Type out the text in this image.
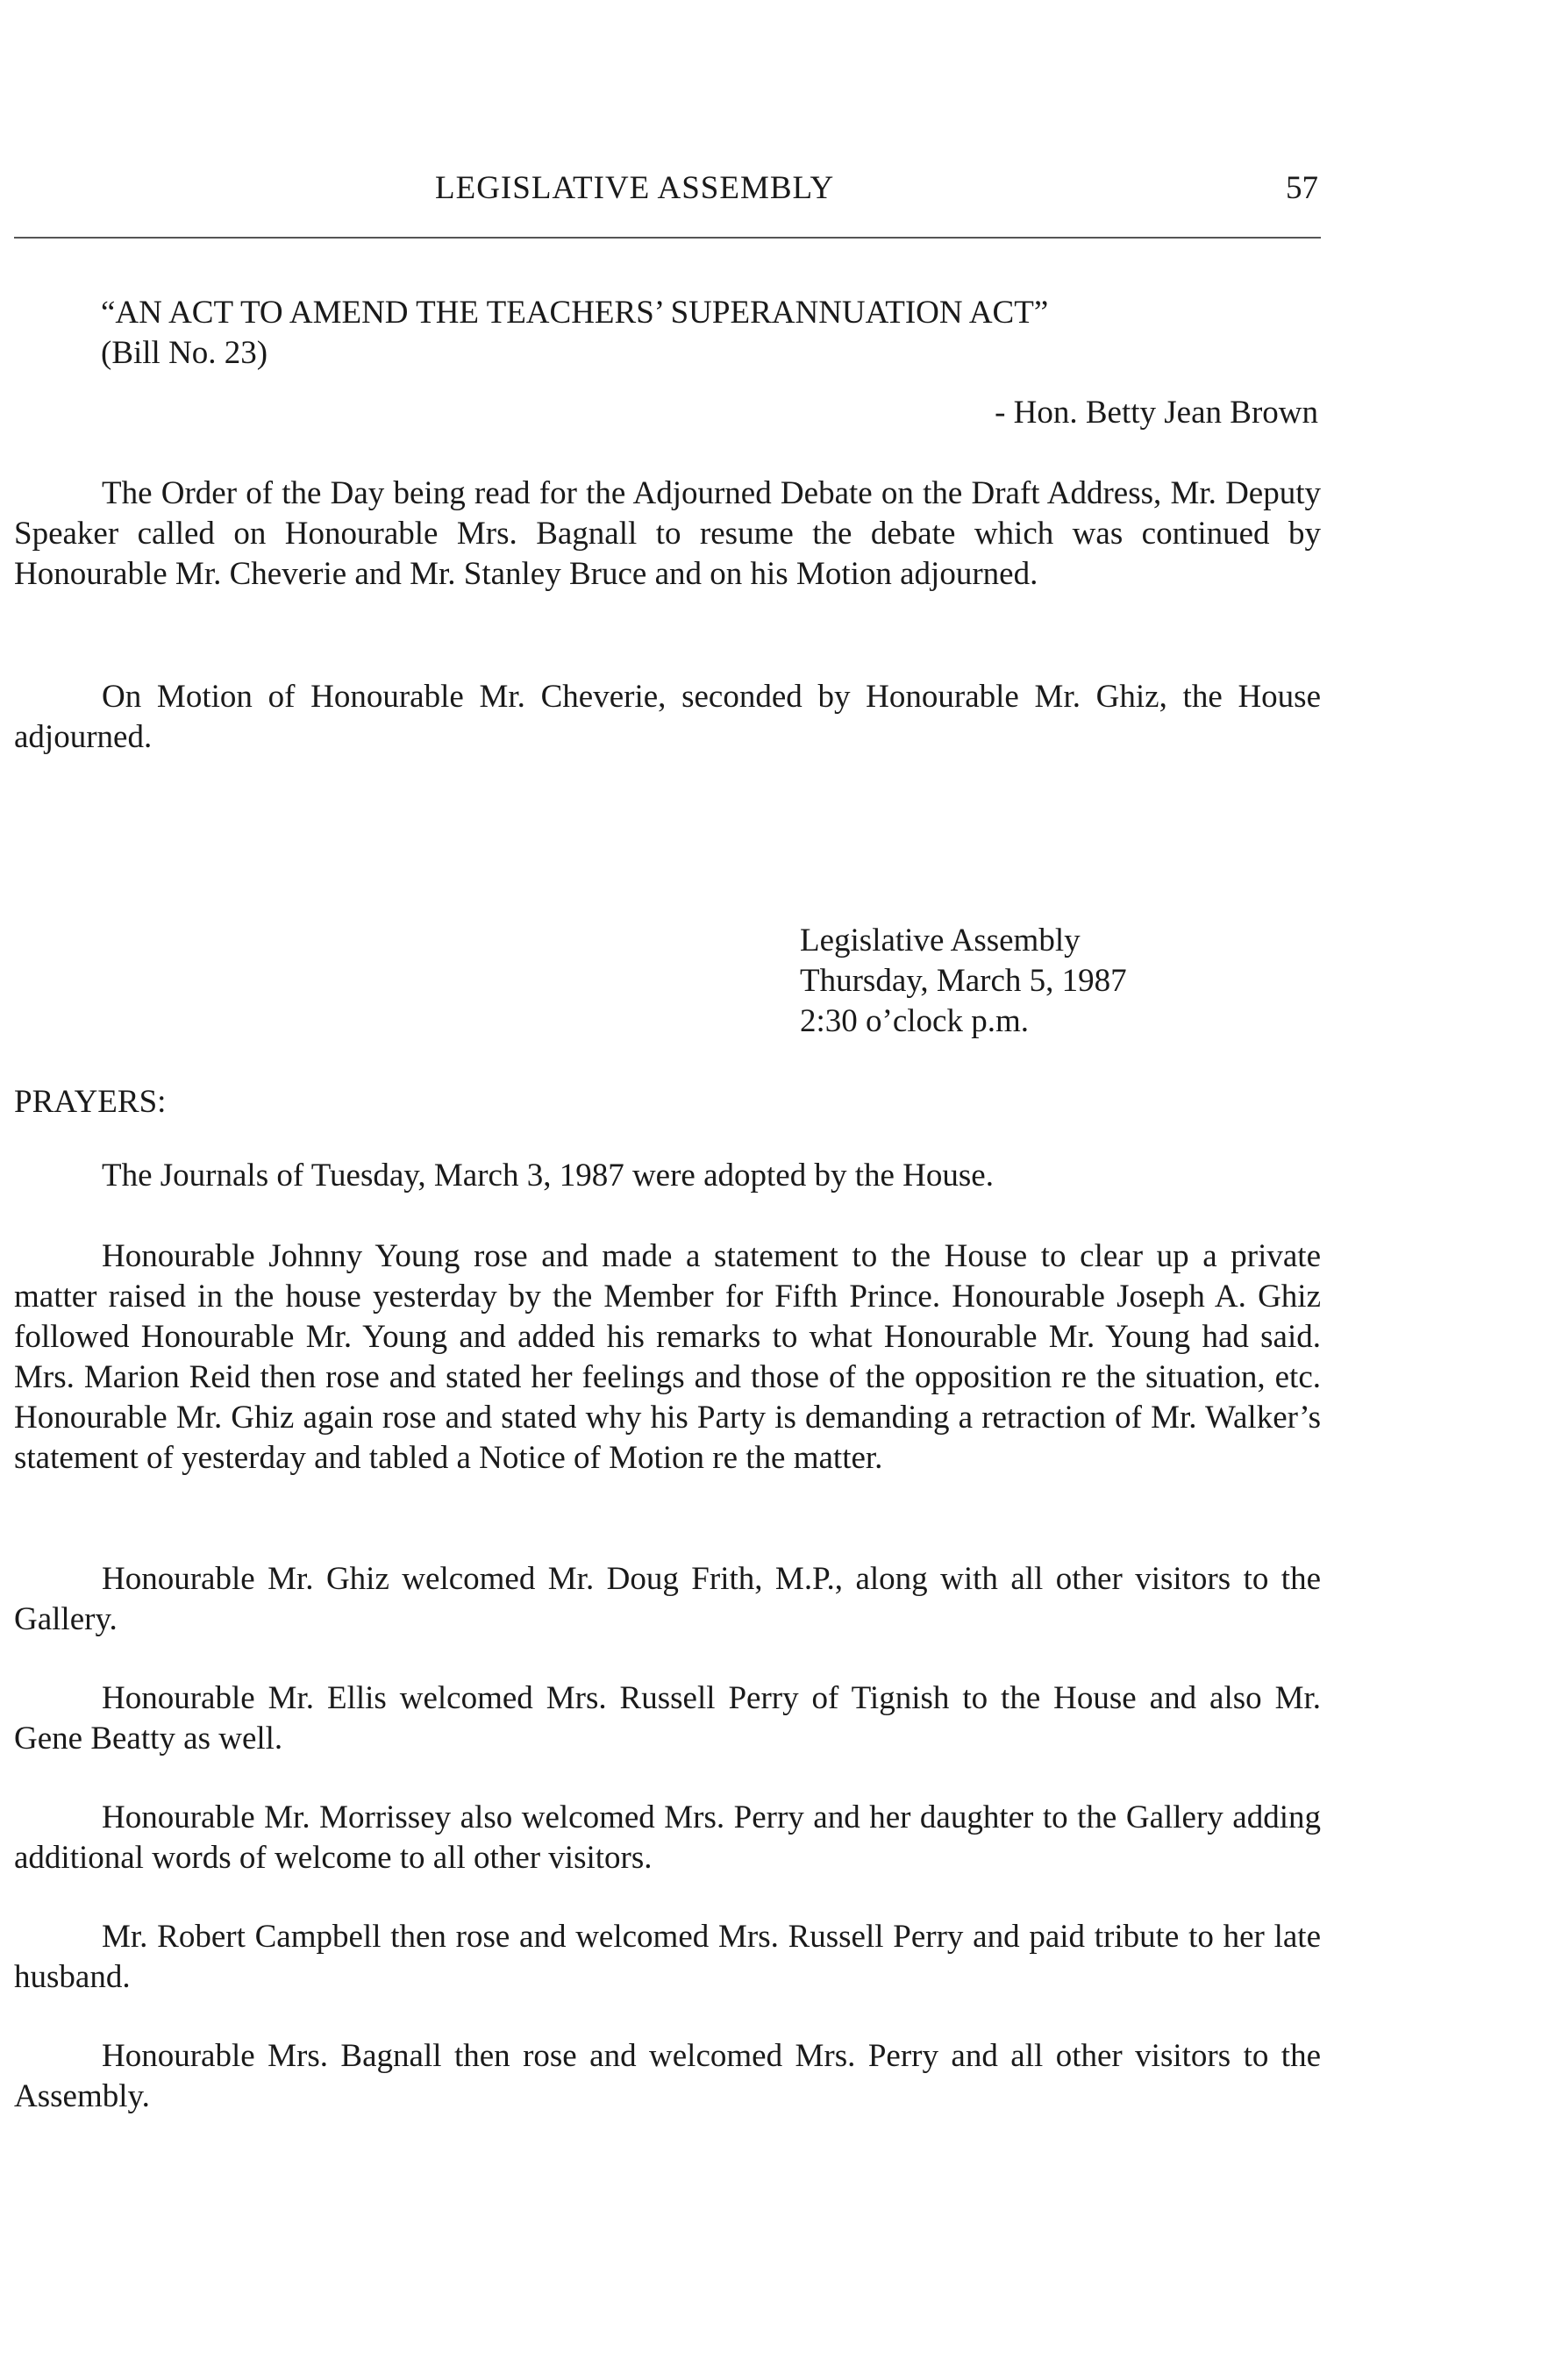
LEGISLATIVE ASSEMBLY	57
“AN ACT TO AMEND THE TEACHERS’ SUPERANNUATION ACT”
(Bill No. 23)
- Hon. Betty Jean Brown

The Order of the Day being read for the Adjourned Debate on the Draft Address, Mr. Deputy Speaker called on Honourable Mrs. Bagnall to resume the debate which was continued by Honourable Mr. Cheverie and Mr. Stanley Bruce and on his Motion adjourned.

On Motion of Honourable Mr. Cheverie, seconded by Honourable Mr. Ghiz, the House adjourned.

Legislative Assembly
Thursday, March 5, 1987
2:30 o’clock p.m.
PRAYERS:

The Journals of Tuesday, March 3, 1987 were adopted by the House.

Honourable Johnny Young rose and made a statement to the House to clear up a private matter raised in the house yesterday by the Member for Fifth Prince. Honourable Joseph A. Ghiz followed Honourable Mr. Young and added his remarks to what Honourable Mr. Young had said. Mrs. Marion Reid then rose and stated her feelings and those of the opposition re the situation, etc. Honourable Mr. Ghiz again rose and stated why his Party is demanding a retraction of Mr. Walker’s statement of yesterday and tabled a Notice of Motion re the matter.

Honourable Mr. Ghiz welcomed Mr. Doug Frith, M.P., along with all other visitors to the Gallery.

Honourable Mr. Ellis welcomed Mrs. Russell Perry of Tignish to the House and also Mr. Gene Beatty as well.

Honourable Mr. Morrissey also welcomed Mrs. Perry and her daughter to the Gallery adding additional words of welcome to all other visitors.

Mr. Robert Campbell then rose and welcomed Mrs. Russell Perry and paid tribute to her late husband.

Honourable Mrs. Bagnall then rose and welcomed Mrs. Perry and all other visitors to the Assembly.
